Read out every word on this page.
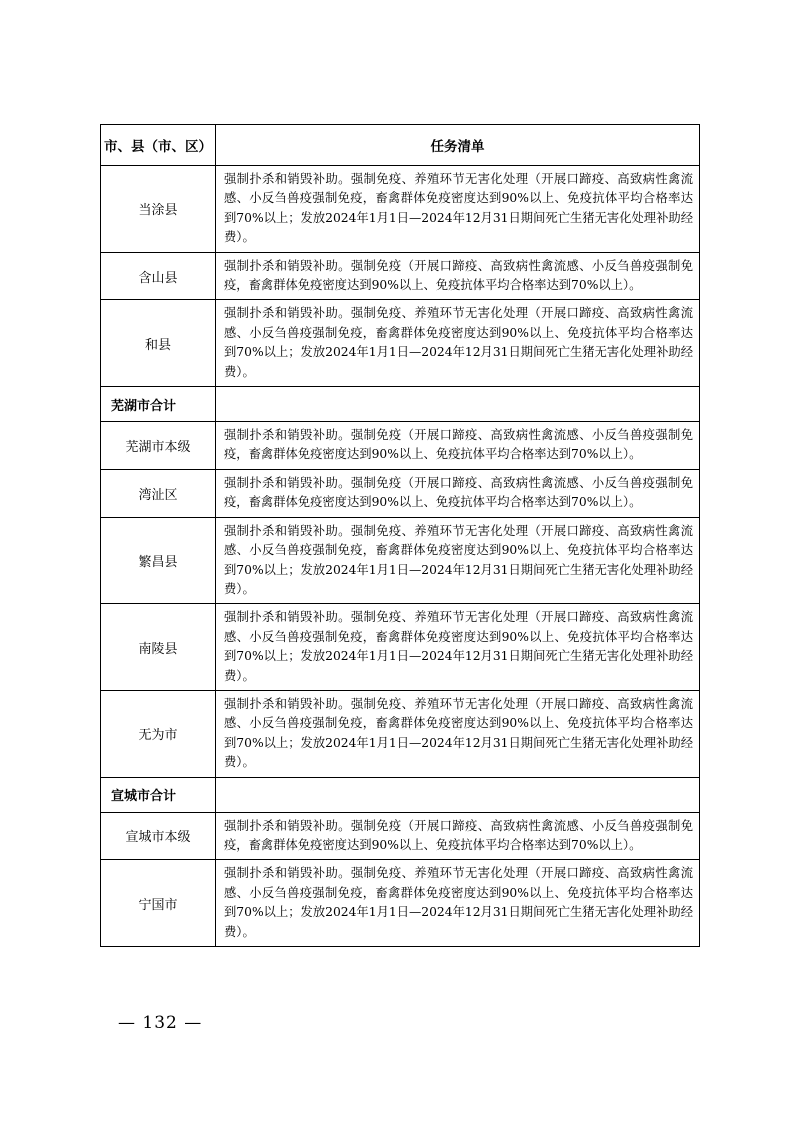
市、县（市、区）	任务清单
当涂县	强制扑杀和销毁补助。强制免疫、养殖环节无害化处理（开展口蹄疫、高致病性禽流感、小反刍兽疫强制免疫，畜禽群体免疫密度达到90%以上、免疫抗体平均合格率达到70%以上；发放2024年1月1日—2024年12月31日期间死亡生猪无害化处理补助经费）。
含山县	强制扑杀和销毁补助。强制免疫（开展口蹄疫、高致病性禽流感、小反刍兽疫强制免疫，畜禽群体免疫密度达到90%以上、免疫抗体平均合格率达到70%以上）。
和县	强制扑杀和销毁补助。强制免疫、养殖环节无害化处理（开展口蹄疫、高致病性禽流感、小反刍兽疫强制免疫，畜禽群体免疫密度达到90%以上、免疫抗体平均合格率达到70%以上；发放2024年1月1日—2024年12月31日期间死亡生猪无害化处理补助经费）。
芜湖市合计	
芜湖市本级	强制扑杀和销毁补助。强制免疫（开展口蹄疫、高致病性禽流感、小反刍兽疫强制免疫，畜禽群体免疫密度达到90%以上、免疫抗体平均合格率达到70%以上）。
湾沚区	强制扑杀和销毁补助。强制免疫（开展口蹄疫、高致病性禽流感、小反刍兽疫强制免疫，畜禽群体免疫密度达到90%以上、免疫抗体平均合格率达到70%以上）。
繁昌县	强制扑杀和销毁补助。强制免疫、养殖环节无害化处理（开展口蹄疫、高致病性禽流感、小反刍兽疫强制免疫，畜禽群体免疫密度达到90%以上、免疫抗体平均合格率达到70%以上；发放2024年1月1日—2024年12月31日期间死亡生猪无害化处理补助经费）。
南陵县	强制扑杀和销毁补助。强制免疫、养殖环节无害化处理（开展口蹄疫、高致病性禽流感、小反刍兽疫强制免疫，畜禽群体免疫密度达到90%以上、免疫抗体平均合格率达到70%以上；发放2024年1月1日—2024年12月31日期间死亡生猪无害化处理补助经费）。
无为市	强制扑杀和销毁补助。强制免疫、养殖环节无害化处理（开展口蹄疫、高致病性禽流感、小反刍兽疫强制免疫，畜禽群体免疫密度达到90%以上、免疫抗体平均合格率达到70%以上；发放2024年1月1日—2024年12月31日期间死亡生猪无害化处理补助经费）。
宣城市合计	
宣城市本级	强制扑杀和销毁补助。强制免疫（开展口蹄疫、高致病性禽流感、小反刍兽疫强制免疫，畜禽群体免疫密度达到90%以上、免疫抗体平均合格率达到70%以上）。
宁国市	强制扑杀和销毁补助。强制免疫、养殖环节无害化处理（开展口蹄疫、高致病性禽流感、小反刍兽疫强制免疫，畜禽群体免疫密度达到90%以上、免疫抗体平均合格率达到70%以上；发放2024年1月1日—2024年12月31日期间死亡生猪无害化处理补助经费）。
— 132 —
